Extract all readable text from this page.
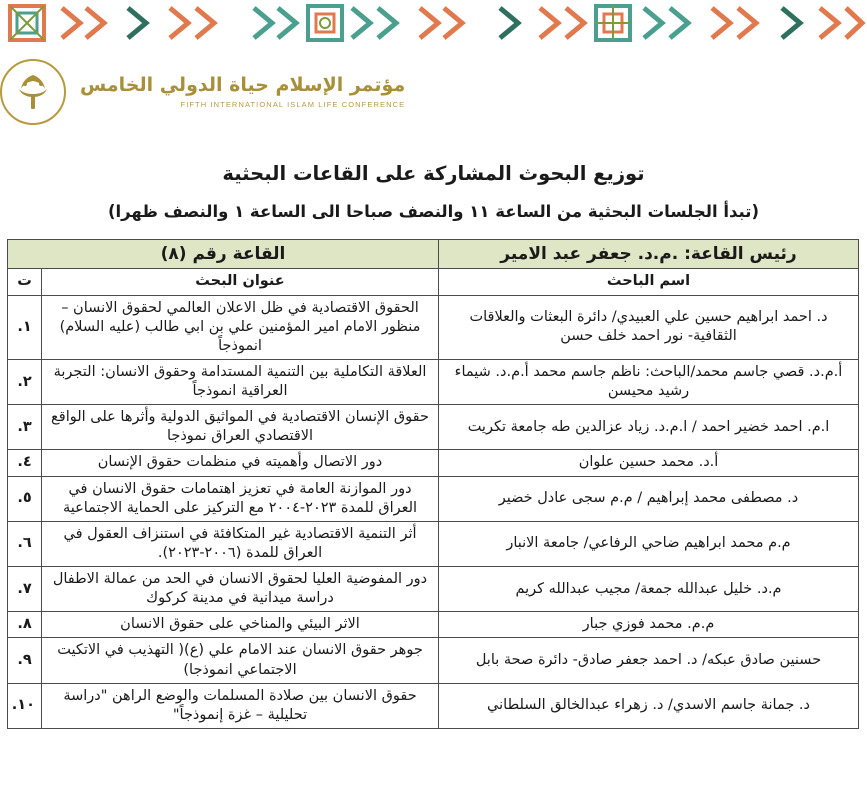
مؤتمر الإسلام حياة الدولي الخامس
FIFTH INTERNATIONAL ISLAM LIFE CONFERENCE
توزيع البحوث المشاركة على القاعات البحثية
(تبدأ الجلسات البحثية من الساعة ١١ والنصف صباحا الى الساعة ١ والنصف ظهرا)
رئيس القاعة: .م.د. جعفر عبد الامير	القاعة رقم (٨)	
اسم الباحث	عنوان البحث	ت
د. احمد ابراهيم حسين علي العبيدي/ دائرة البعثات والعلاقات الثقافية- نور احمد خلف حسن	الحقوق الاقتصادية في ظل الاعلان العالمي لحقوق الانسان – منظور الامام امير المؤمنين علي بن ابي طالب (عليه السلام) انموذجاً	١.
أ.م.د. قصي جاسم محمد/الباحث: ناظم جاسم محمد أ.م.د. شيماء رشيد محيسن	العلاقة التكاملية بين التنمية المستدامة وحقوق الانسان: التجربة العراقية انموذجاً	٢.
ا.م. احمد خضير احمد / ا.م.د. زياد عزالدين طه جامعة تكريت	حقوق الإنسان الاقتصادية في المواثيق الدولية وأثرها على الواقع الاقتصادي العراق نموذجا	٣.
أ.د. محمد حسين علوان	دور الاتصال وأهميته في منظمات حقوق الإنسان	٤.
د. مصطفى محمد إبراهيم / م.م سجى عادل خضير	دور الموازنة العامة في تعزيز اهتمامات حقوق الانسان في العراق للمدة ٢٠٢٣-٢٠٠٤ مع التركيز على الحماية الاجتماعية	٥.
م.م محمد ابراهيم ضاحي الرفاعي/ جامعة الانبار	أثر التنمية الاقتصادية غير المتكافئة في استنزاف العقول في العراق للمدة (٢٠٠٦-٢٠٢٣).	٦.
م.د. خليل عبدالله جمعة/ مجيب عبدالله كريم	دور المفوضية العليا لحقوق الانسان في الحد من عمالة الاطفال دراسة ميدانية في مدينة كركوك	٧.
م.م. محمد فوزي جبار	الاثر البيئي والمناخي على حقوق الانسان	٨.
حسنين صادق عبكه/ د. احمد جعفر صادق- دائرة صحة بابل	جوهر حقوق الانسان عند الامام علي (ع)( التهذيب في الاتكيت الاجتماعي انموذجا)	٩.
د. جمانة جاسم الاسدي/ د. زهراء عبدالخالق السلطاني	حقوق الانسان بين صلادة المسلمات والوضع الراهن "دراسة تحليلية – غزة إنموذجاً"	١٠.
